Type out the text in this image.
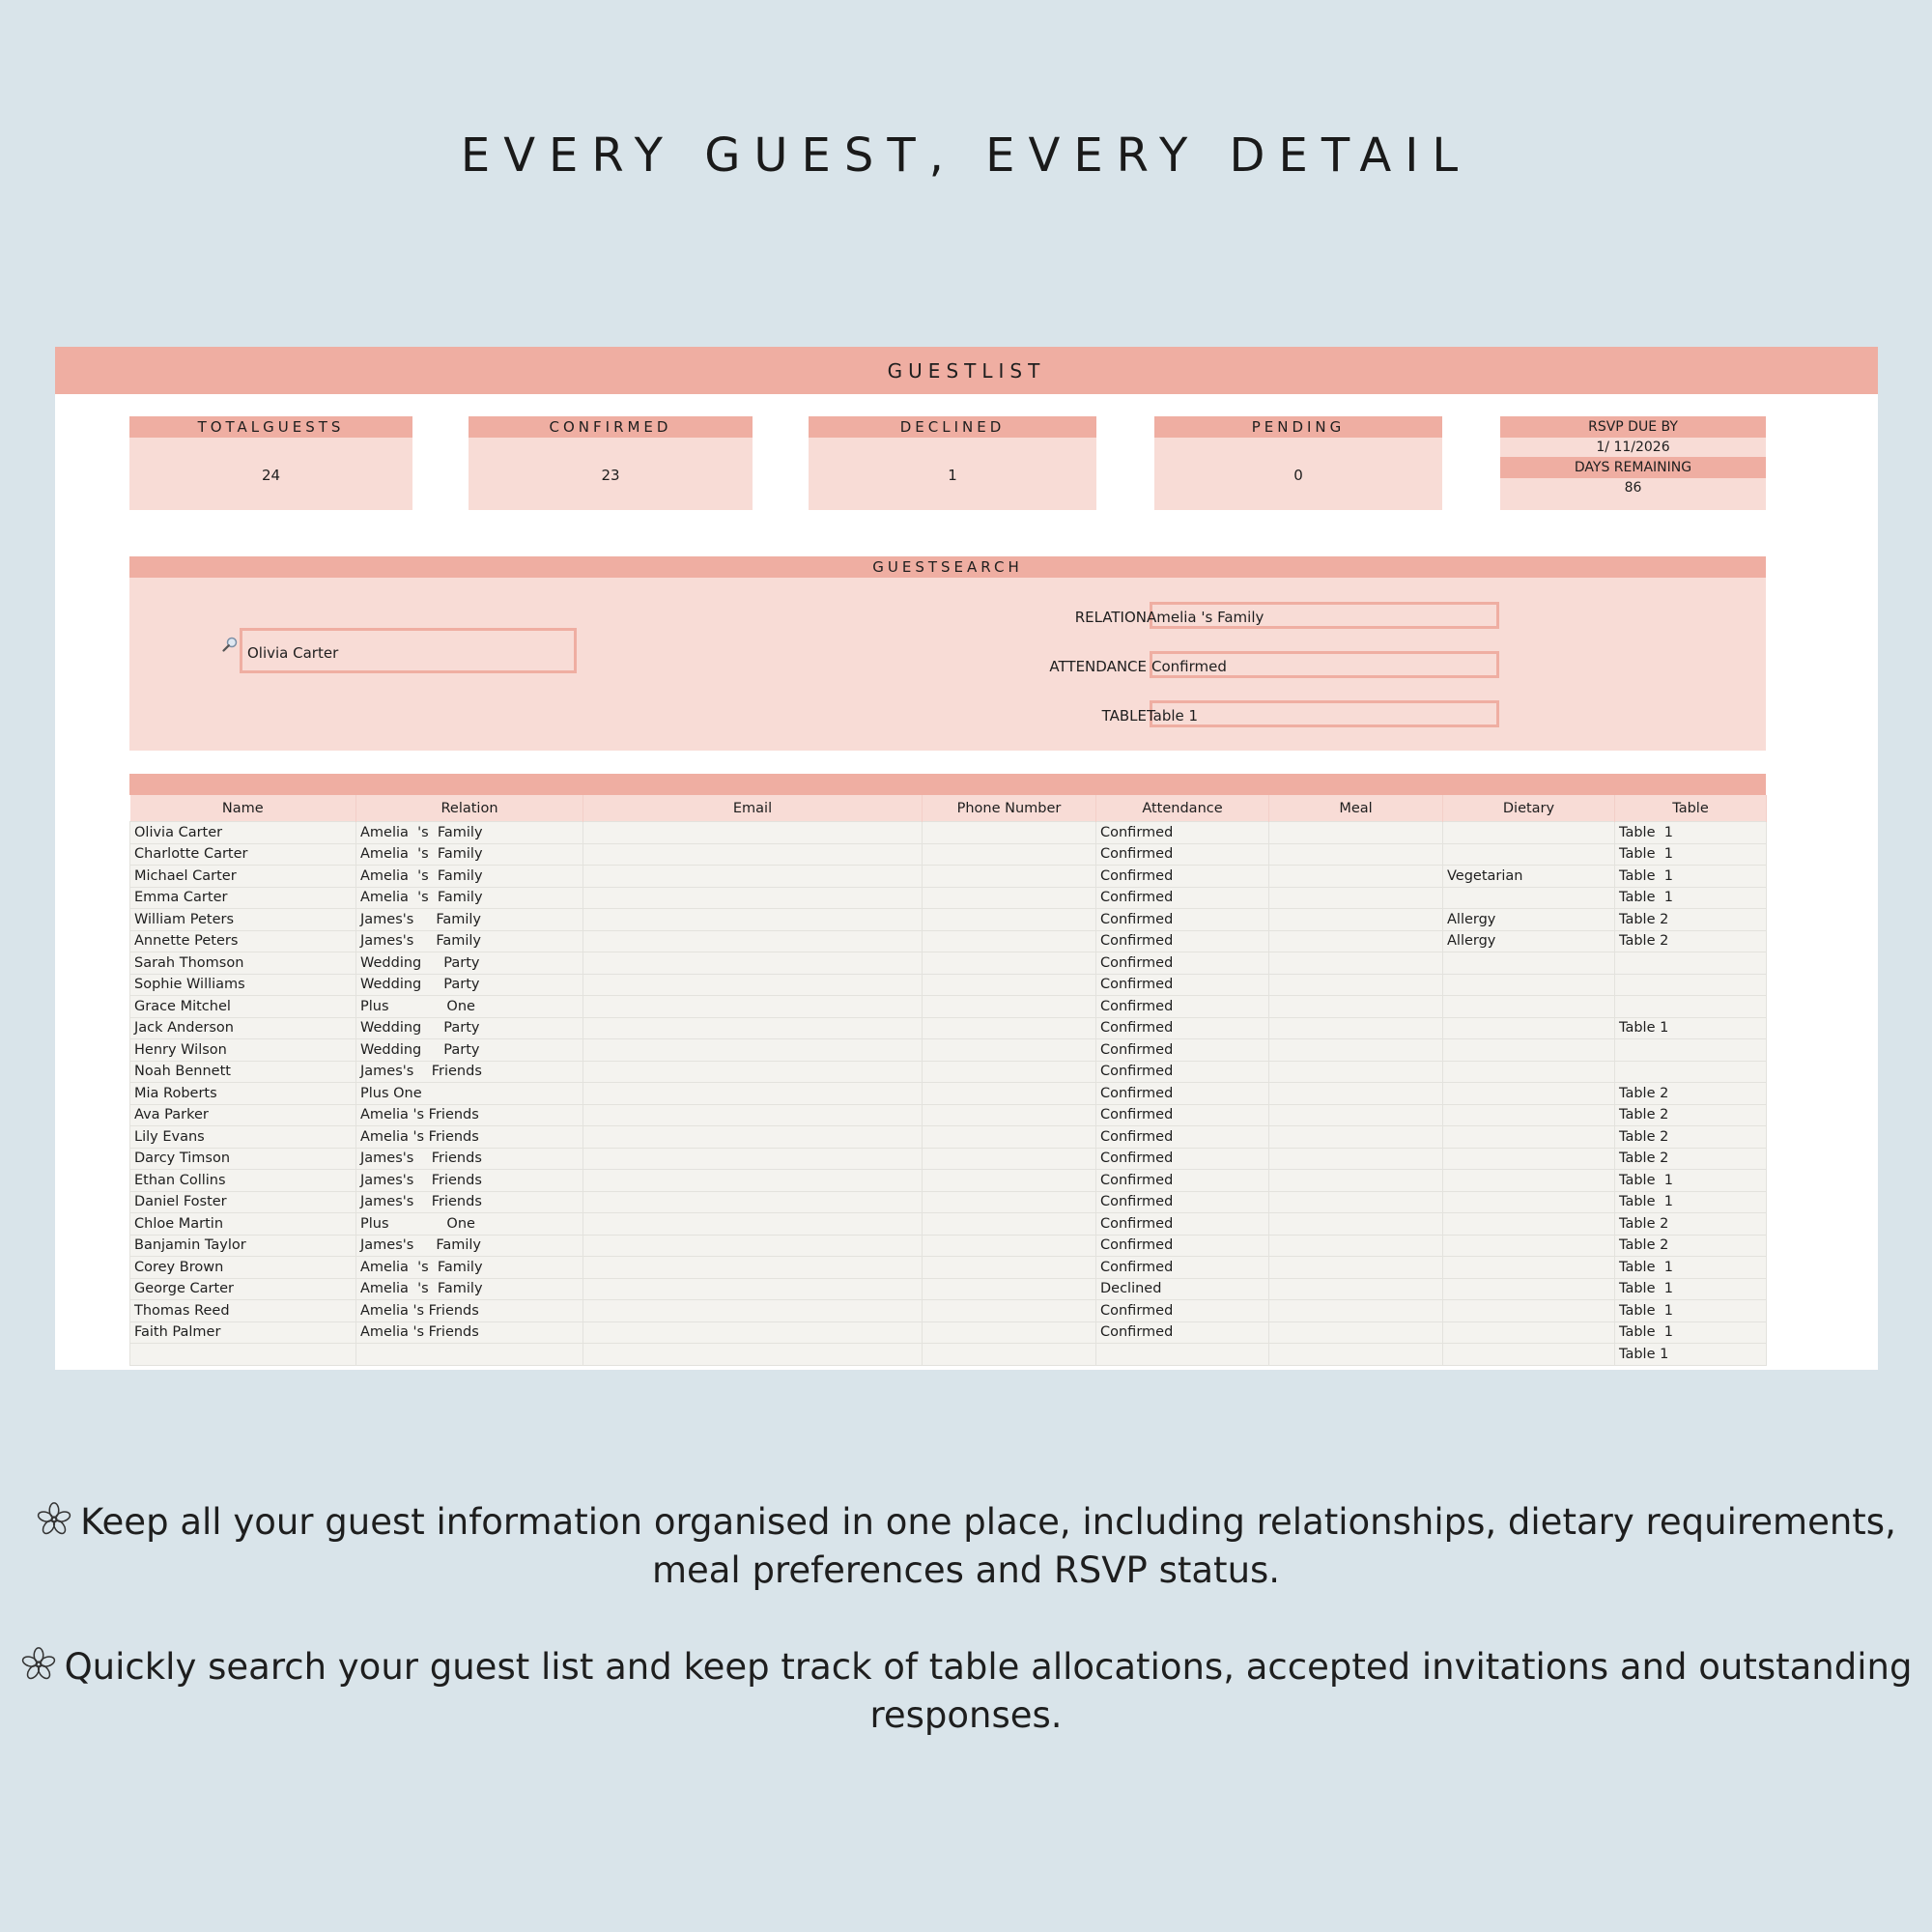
EVERY GUEST, EVERY DETAIL
GUESTLIST
TOTALGUESTS
24
CONFIRMED
23
DECLINED
1
PENDING
0
RSVP DUE BY
1/ 11/2026
DAYS REMAINING
86
GUESTSEARCH
Olivia Carter
RELATION Amelia 's Family
ATTENDANCE Confirmed
TABLE Table 1
Name	Relation	Email	Phone Number	Attendance	Meal	Dietary	Table
Olivia Carter	Amelia  's  Family			Confirmed			Table  1
Charlotte Carter	Amelia  's  Family			Confirmed			Table  1
Michael Carter	Amelia  's  Family			Confirmed		Vegetarian	Table  1
Emma Carter	Amelia  's  Family			Confirmed			Table  1
William Peters	James's     Family			Confirmed		Allergy	Table 2
Annette Peters	James's     Family			Confirmed		Allergy	Table 2
Sarah Thomson	Wedding     Party			Confirmed			
Sophie Williams	Wedding     Party			Confirmed			
Grace Mitchel	Plus             One			Confirmed			
Jack Anderson	Wedding     Party			Confirmed			Table 1
Henry Wilson	Wedding     Party			Confirmed			
Noah Bennett	James's    Friends			Confirmed			
Mia Roberts	Plus One			Confirmed			Table 2
Ava Parker	Amelia 's Friends			Confirmed			Table 2
Lily Evans	Amelia 's Friends			Confirmed			Table 2
Darcy Timson	James's    Friends			Confirmed			Table 2
Ethan Collins	James's    Friends			Confirmed			Table  1
Daniel Foster	James's    Friends			Confirmed			Table  1
Chloe Martin	Plus             One			Confirmed			Table 2
Banjamin Taylor	James's     Family			Confirmed			Table 2
Corey Brown	Amelia  's  Family			Confirmed			Table  1
George Carter	Amelia  's  Family			Declined			Table  1
Thomas Reed	Amelia 's Friends			Confirmed			Table  1
Faith Palmer	Amelia 's Friends			Confirmed			Table  1
							Table 1
Keep all your guest information organised in one place, including relationships, dietary requirements, meal preferences and RSVP status.
Quickly search your guest list and keep track of table allocations, accepted invitations and outstanding responses.
